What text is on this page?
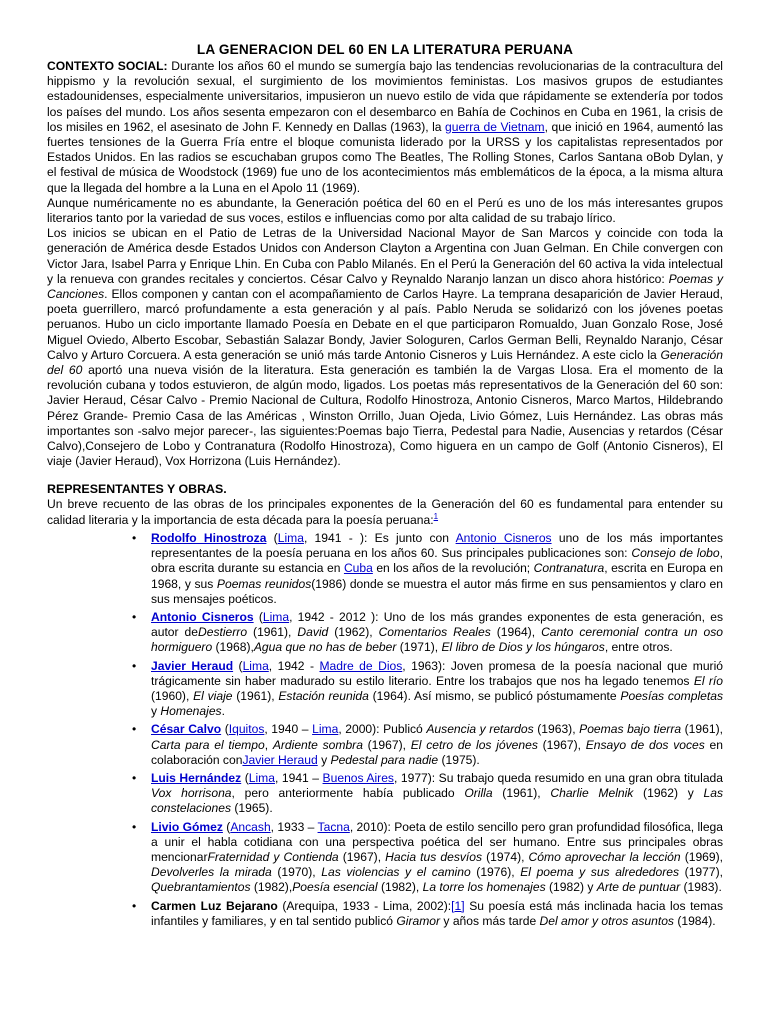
LA GENERACION DEL 60 EN LA LITERATURA PERUANA

CONTEXTO SOCIAL: Durante los años 60 el mundo se sumergía bajo las tendencias revolucionarias de la contracultura del hippismo y la revolución sexual, el surgimiento de los movimientos feministas. Los masivos grupos de estudiantes estadounidenses, especialmente universitarios, impusieron un nuevo estilo de vida que rápidamente se extendería por todos los países del mundo. Los años sesenta empezaron con el desembarco en Bahía de Cochinos en Cuba en 1961, la crisis de los misiles en 1962, el asesinato de John F. Kennedy en Dallas (1963), la guerra de Vietnam, que inició en 1964, aumentó las fuertes tensiones de la Guerra Fría entre el bloque comunista liderado por la URSS y los capitalistas representados por Estados Unidos. En las radios se escuchaban grupos como The Beatles, The Rolling Stones, Carlos Santana oBob Dylan, y el festival de música de Woodstock (1969) fue uno de los acontecimientos más emblemáticos de la época, a la misma altura que la llegada del hombre a la Luna en el Apolo 11 (1969).

Aunque numéricamente no es abundante, la Generación poética del 60 en el Perú es uno de los más interesantes grupos literarios tanto por la variedad de sus voces, estilos e influencias como por alta calidad de su trabajo lírico.

Los inicios se ubican en el Patio de Letras de la Universidad Nacional Mayor de San Marcos y coincide con toda la generación de América desde Estados Unidos con Anderson Clayton a Argentina con Juan Gelman. En Chile convergen con Victor Jara, Isabel Parra y Enrique Lhin. En Cuba con Pablo Milanés. En el Perú la Generación del 60 activa la vida intelectual y la renueva con grandes recitales y conciertos. César Calvo y Reynaldo Naranjo lanzan un disco ahora histórico: Poemas y Canciones. Ellos componen y cantan con el acompañamiento de Carlos Hayre. La temprana desaparición de Javier Heraud, poeta guerrillero, marcó profundamente a esta generación y al país. Pablo Neruda se solidarizó con los jóvenes poetas peruanos. Hubo un ciclo importante llamado Poesía en Debate en el que participaron Romualdo, Juan Gonzalo Rose, José Miguel Oviedo, Alberto Escobar, Sebastián Salazar Bondy, Javier Sologuren, Carlos German Belli, Reynaldo Naranjo, César Calvo y Arturo Corcuera. A esta generación se unió más tarde Antonio Cisneros y Luis Hernández. A este ciclo la Generación del 60 aportó una nueva visión de la literatura. Esta generación es también la de Vargas Llosa. Era el momento de la revolución cubana y todos estuvieron, de algún modo, ligados. Los poetas más representativos de la Generación del 60 son: Javier Heraud, César Calvo - Premio Nacional de Cultura, Rodolfo Hinostroza, Antonio Cisneros, Marco Martos, Hildebrando Pérez Grande- Premio Casa de las Américas , Winston Orrillo, Juan Ojeda, Livio Gómez, Luis Hernández. Las obras más importantes son -salvo mejor parecer-, las siguientes:Poemas bajo Tierra, Pedestal para Nadie, Ausencias y retardos (César Calvo),Consejero de Lobo y Contranatura (Rodolfo Hinostroza), Como higuera en un campo de Golf (Antonio Cisneros), El viaje (Javier Heraud), Vox Horrizona (Luis Hernández).

REPRESENTANTES Y OBRAS.

Un breve recuento de las obras de los principales exponentes de la Generación del 60 es fundamental para entender su calidad literaria y la importancia de esta década para la poesía peruana:$^1$

• Rodolfo Hinostroza (Lima, 1941 - ): Es junto con Antonio Cisneros uno de los más importantes representantes de la poesía peruana en los años 60. Sus principales publicaciones son: Consejo de lobo, obra escrita durante su estancia en Cuba en los años de la revolución; Contranatura, escrita en Europa en 1968, y sus Poemas reunidos(1986) donde se muestra el autor más firme en sus pensamientos y claro en sus mensajes poéticos.
• Antonio Cisneros (Lima, 1942 - 2012 ): Uno de los más grandes exponentes de esta generación, es autor deDestierro (1961), David (1962), Comentarios Reales (1964), Canto ceremonial contra un oso hormiguero (1968),Agua que no has de beber (1971), El libro de Dios y los húngaros, entre otros.
• Javier Heraud (Lima, 1942 - Madre de Dios, 1963): Joven promesa de la poesía nacional que murió trágicamente sin haber madurado su estilo literario. Entre los trabajos que nos ha legado tenemos El río (1960), El viaje (1961), Estación reunida (1964). Así mismo, se publicó póstumamente Poesías completas y Homenajes.
• César Calvo (Iquitos, 1940 – Lima, 2000): Publicó Ausencia y retardos (1963), Poemas bajo tierra (1961), Carta para el tiempo, Ardiente sombra (1967), El cetro de los jóvenes (1967), Ensayo de dos voces en colaboración conJavier Heraud y Pedestal para nadie (1975).
• Luis Hernández (Lima, 1941 – Buenos Aires, 1977): Su trabajo queda resumido en una gran obra titulada Vox horrisona, pero anteriormente había publicado Orilla (1961), Charlie Melnik (1962) y Las constelaciones (1965).
• Livio Gómez (Ancash, 1933 – Tacna, 2010): Poeta de estilo sencillo pero gran profundidad filosófica, llega a unir el habla cotidiana con una perspectiva poética del ser humano. Entre sus principales obras mencionarFraternidad y Contienda (1967), Hacia tus desvíos (1974), Cómo aprovechar la lección (1969), Devolverles la mirada (1970), Las violencias y el camino (1976), El poema y sus alrededores (1977), Quebrantamientos (1982),Poesía esencial (1982), La torre los homenajes (1982) y Arte de puntuar (1983).
• Carmen Luz Bejarano (Arequipa, 1933 - Lima, 2002):[1] Su poesía está más inclinada hacia los temas infantiles y familiares, y en tal sentido publicó Giramor y años más tarde Del amor y otros asuntos (1984).
